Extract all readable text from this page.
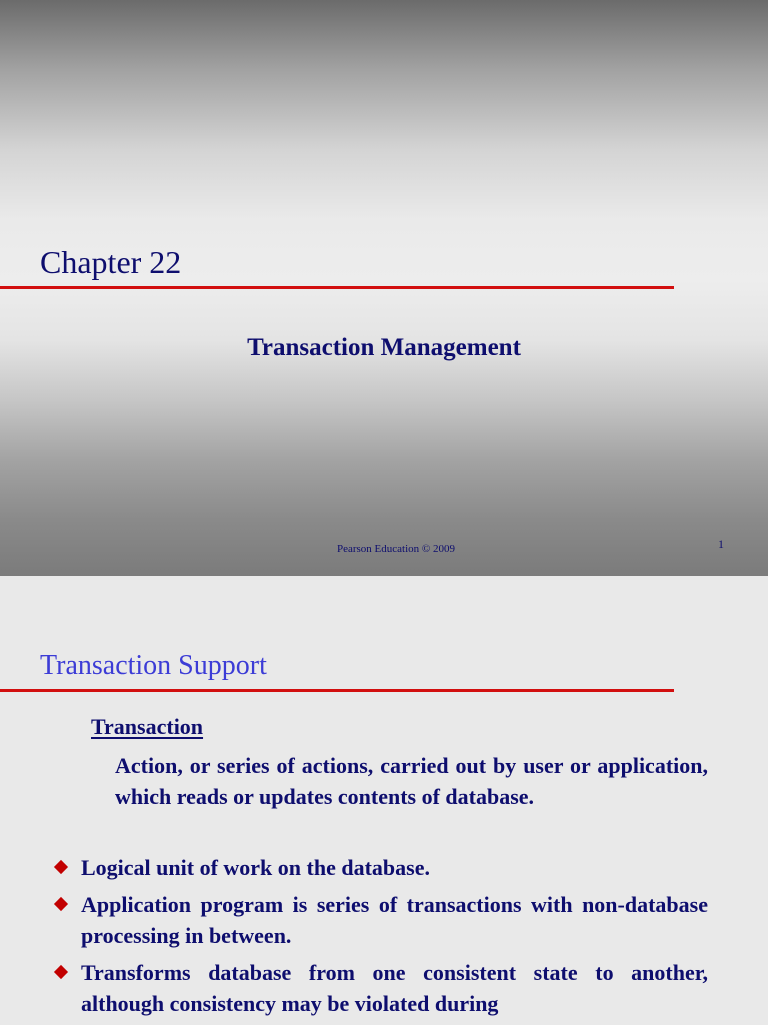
Chapter 22
Transaction Management
Pearson Education © 2009	1
Transaction Support
Transaction

Action, or series of actions, carried out by user or application, which reads or updates contents of database.

Logical unit of work on the database.
Application program is series of transactions with non-database processing in between.
Transforms database from one consistent state to another, although consistency may be violated during
